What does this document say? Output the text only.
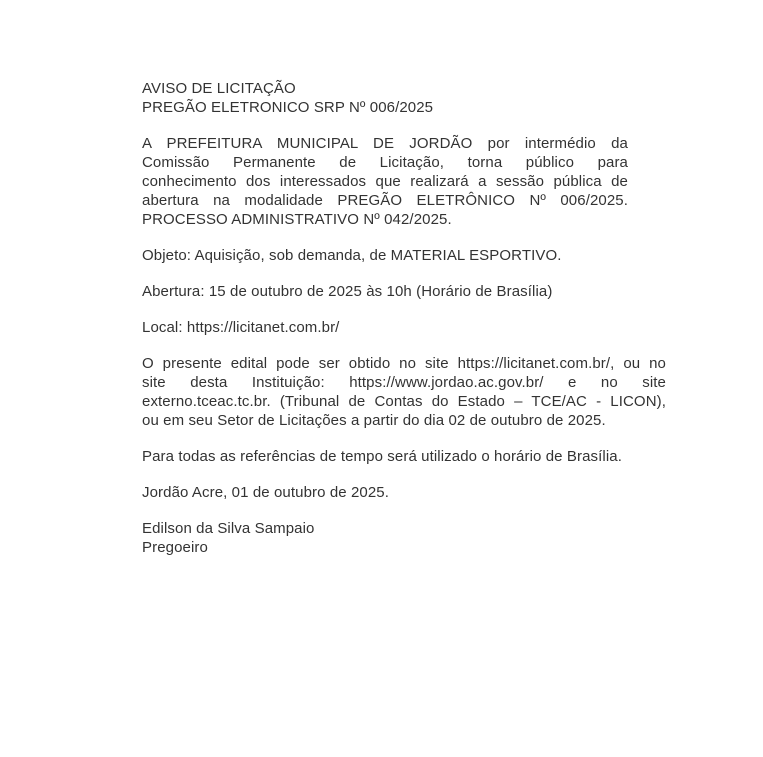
AVISO DE LICITAÇÃO
PREGÃO ELETRONICO SRP Nº 006/2025
A PREFEITURA MUNICIPAL DE JORDÃO por intermédio da
Comissão Permanente de Licitação, torna público para
conhecimento dos interessados que realizará a sessão pública de
abertura na modalidade PREGÃO ELETRÔNICO Nº 006/2025.
PROCESSO ADMINISTRATIVO Nº 042/2025.
Objeto: Aquisição, sob demanda, de MATERIAL ESPORTIVO.
Abertura: 15 de outubro de 2025 às 10h (Horário de Brasília)
Local: https://licitanet.com.br/
O presente edital pode ser obtido no site https://licitanet.com.br/, ou no
site desta Instituição: https://www.jordao.ac.gov.br/ e no site
externo.tceac.tc.br. (Tribunal de Contas do Estado – TCE/AC - LICON),
ou em seu Setor de Licitações a partir do dia 02 de outubro de 2025.
Para todas as referências de tempo será utilizado o horário de Brasília.
Jordão Acre, 01 de outubro de 2025.
Edilson da Silva Sampaio
Pregoeiro
